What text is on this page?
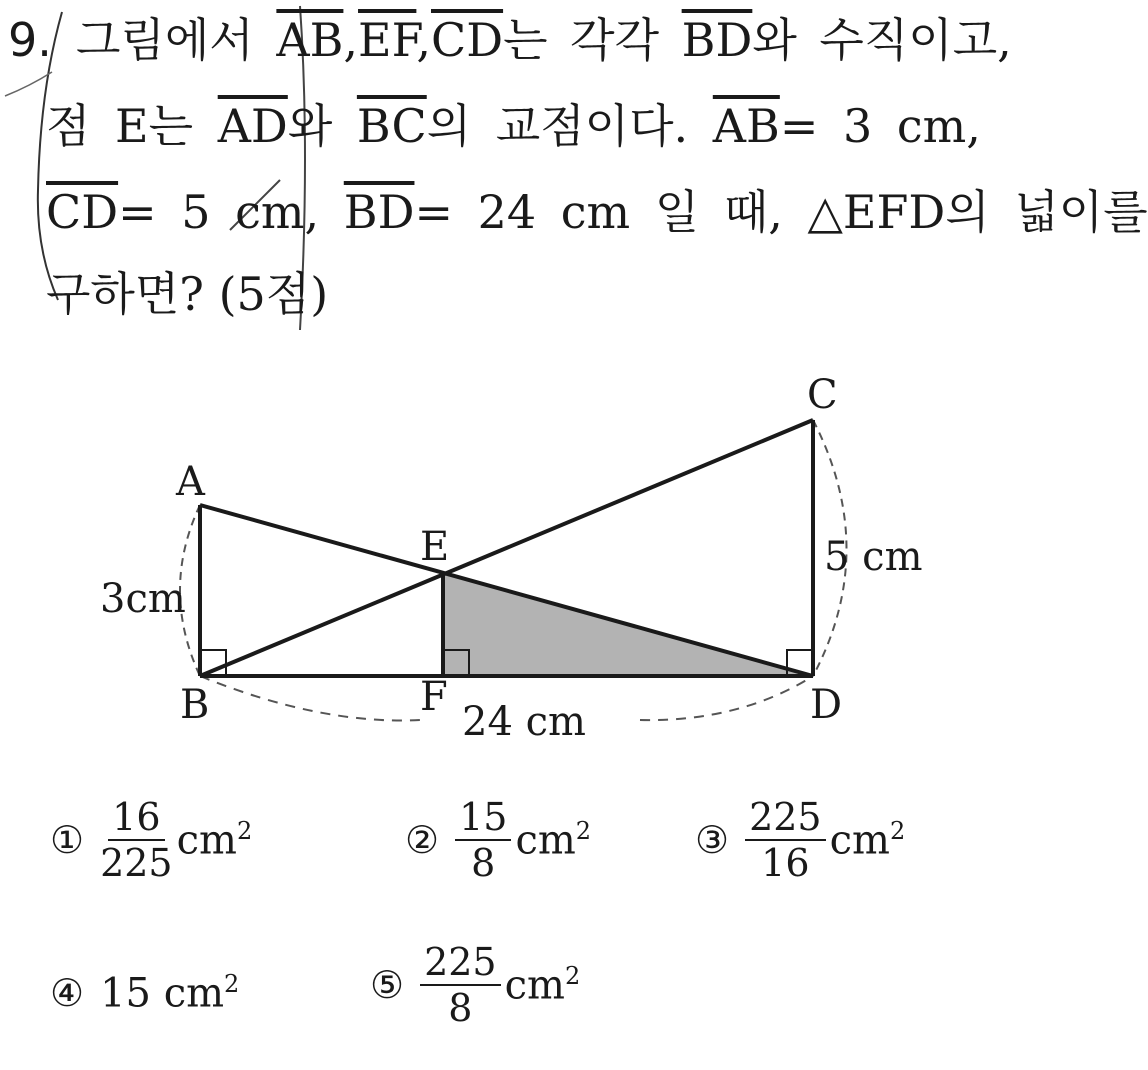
9. 그림에서 $\overline{AB},\overline{EF},\overline{CD}$는 각각 $\overline{BD}$와 수직이고,
점 E는 $\overline{AD}$와 $\overline{BC}$의 교점이다. $\overline{AB}= 3$ cm,
$\overline{CD}= 5$ cm, $\overline{BD}= 24$ cm 일 때, △EFD의 넓이를
구하면? (5점)
C
A
E
3cm
5 cm
B	F
24 cm	D
① $\frac{16}{225} cm^2$	② $\frac{15}{8} cm^2$	③ $\frac{225}{16} cm^2$
④ 15 $cm^2$	⑤ $\frac{225}{8} cm^2$
